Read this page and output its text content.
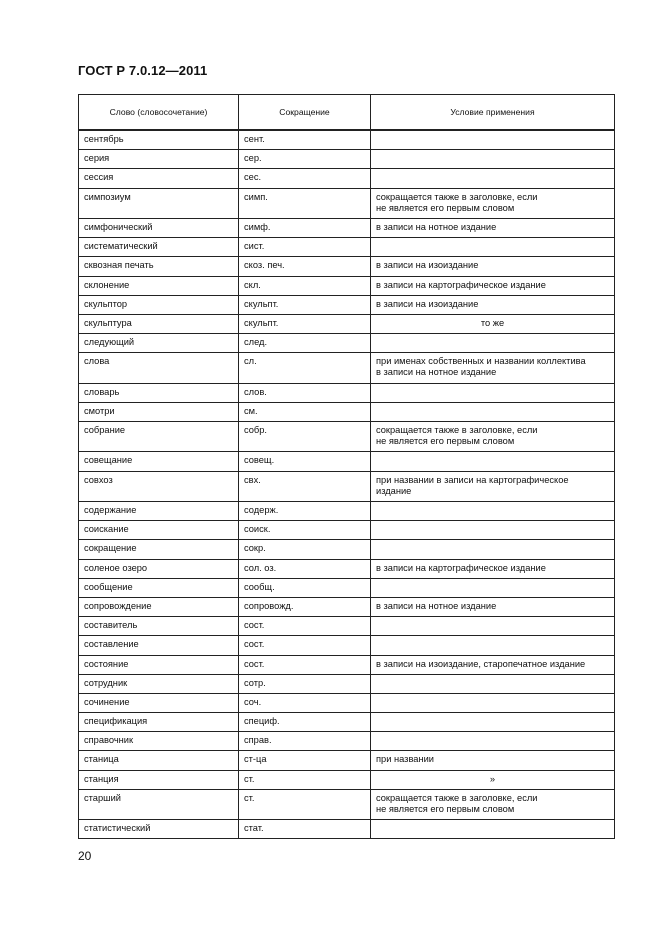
ГОСТ Р 7.0.12—2011
Слово (словосочетание)	Сокращение	Условие применения
сентябрь	сент.	
серия	сер.	
сессия	сес.	
симпозиум	симп.	сокращается также в заголовке, если
не является его первым словом
симфонический	симф.	в записи на нотное издание
систематический	сист.	
сквозная печать	скоз. печ.	в записи на изоиздание
склонение	скл.	в записи на картографическое издание
скульптор	скульпт.	в записи на изоиздание
скульптура	скульпт.	то же
следующий	след.	
слова	сл.	при именах собственных и названии коллектива
в записи на нотное издание
словарь	слов.	
смотри	см.	
собрание	собр.	сокращается также в заголовке, если
не является его первым словом
совещание	совещ.	
совхоз	свх.	при названии в записи на картографическое
издание
содержание	содерж.	
соискание	соиск.	
сокращение	сокр.	
соленое озеро	сол. оз.	в записи на картографическое издание
сообщение	сообщ.	
сопровождение	сопровожд.	в записи на нотное издание
составитель	сост.	
составление	сост.	
состояние	сост.	в записи на изоиздание, старопечатное издание
сотрудник	сотр.	
сочинение	соч.	
спецификация	специф.	
справочник	справ.	
станица	ст-ца	при названии
станция	ст.	»
старший	ст.	сокращается также в заголовке, если
не является его первым словом
статистический	стат.	
20
